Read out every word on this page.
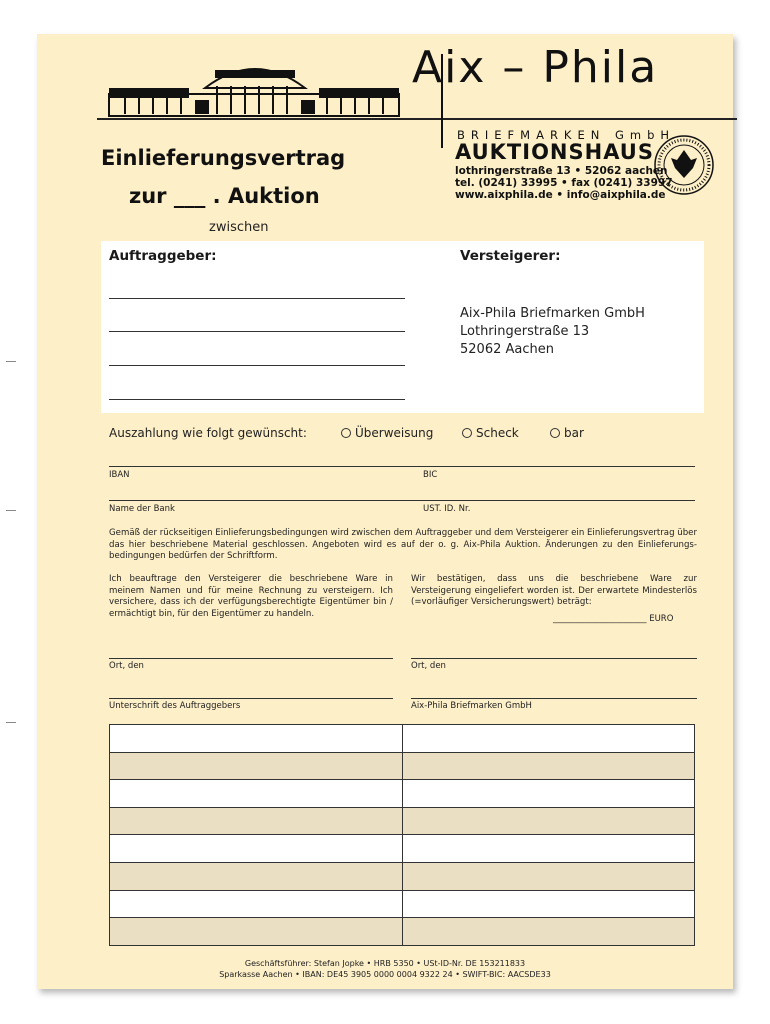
Aix – Phila
BRIEFMARKEN GmbH
AUKTIONSHAUS
lothringerstraße 13 • 52062 aachen
tel. (0241) 33995 • fax (0241) 33997
www.aixphila.de • info@aixphila.de
Einlieferungsvertrag
zur ___ . Auktion
zwischen
Auftraggeber:	Versteigerer:
Aix-Phila Briefmarken GmbH
Lothringerstraße 13
52062 Aachen
Auszahlung wie folgt gewünscht:	Überweisung	Scheck	bar
IBAN	BIC
Name der Bank	UST. ID. Nr.
Gemäß der rückseitigen Einlieferungsbedingungen wird zwischen dem Auftraggeber und dem Versteigerer ein Einlieferungsvertrag über das hier beschriebene Material geschlossen. Angeboten wird es auf der o. g. Aix-Phila Auktion. Änderungen zu den Einlieferungs-bedingungen bedürfen der Schriftform.
Ich beauftrage den Versteigerer die beschriebene Ware in meinem Namen und für meine Rechnung zu versteigern. Ich versichere, dass ich der verfügungsberechtigte Eigentümer bin / ermächtigt bin, für den Eigentümer zu handeln.
Wir bestätigen, dass uns die beschriebene Ware zur Versteigerung eingeliefert worden ist. Der erwartete Mindesterlös (=vorläufiger Versicherungswert) beträgt:
______________________ EURO
Ort, den	Ort, den
Unterschrift des Auftraggebers	Aix-Phila Briefmarken GmbH
Geschäftsführer: Stefan Jopke • HRB 5350 • USt-ID-Nr. DE 153211833
Sparkasse Aachen • IBAN: DE45 3905 0000 0004 9322 24 • SWIFT-BIC: AACSDE33
